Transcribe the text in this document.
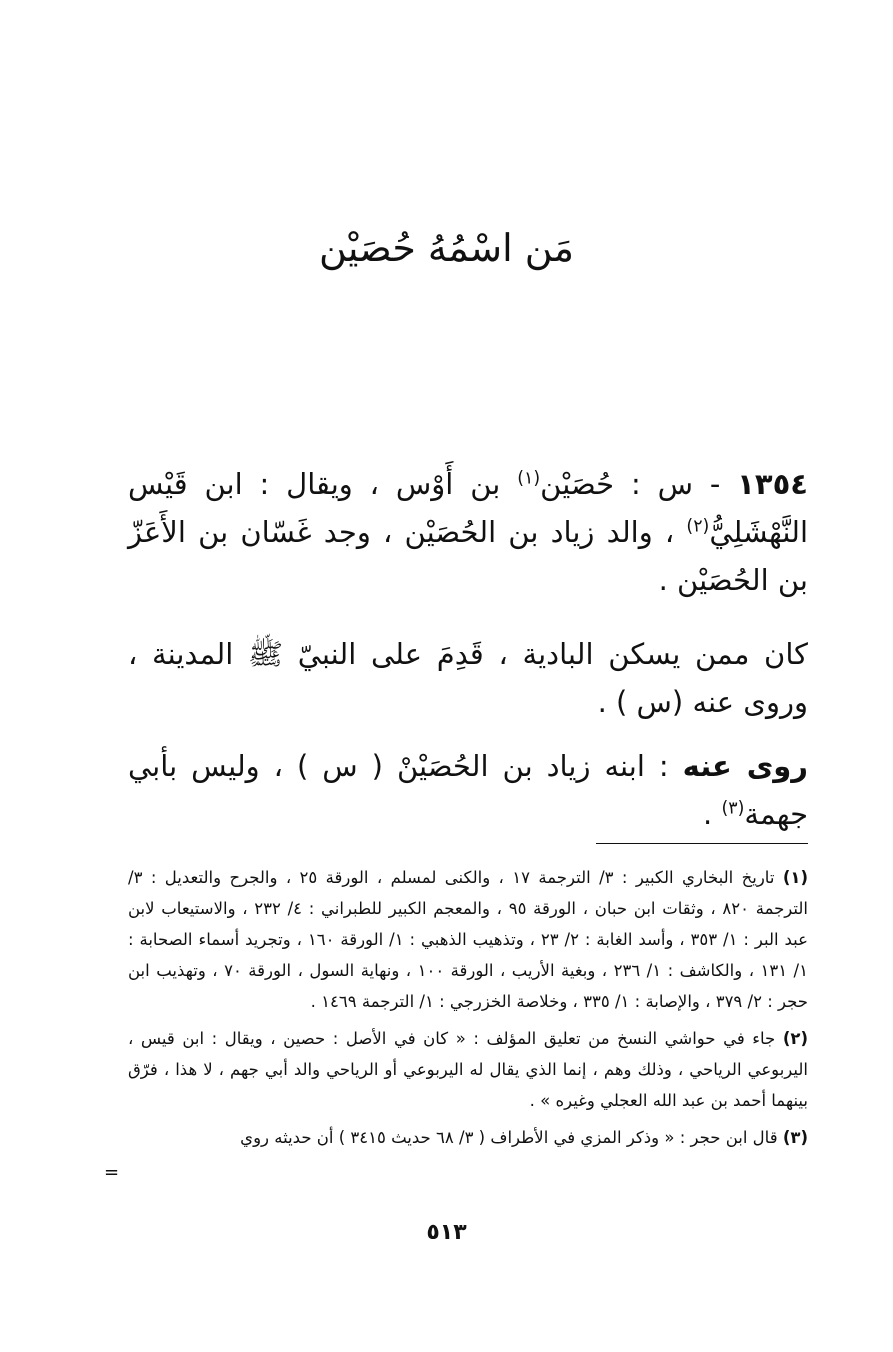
مَن اسْمُهُ حُصَيْن

١٣٥٤ - س : حُصَيْن$^{(١)}$ بن أَوْس ، ويقال : ابن قَيْس النَّهْشَلِيُّ$^{(٢)}$ ، والد زياد بن الحُصَيْن ، وجد غَسّان بن الأَعَزّ بن الحُصَيْن .

كان ممن يسكن البادية ، قَدِمَ على النبيّ ﷺ المدينة ، وروى عنه (س ) .

روى عنه : ابنه زياد بن الحُصَيْنْ ( س ) ، وليس بأبي جهمة$^{(٣)}$ .

(١) تاريخ البخاري الكبير : ٣/ الترجمة ١٧ ، والكنى لمسلم ، الورقة ٢٥ ، والجرح والتعديل : ٣/ الترجمة ٨٢٠ ، وثقات ابن حبان ، الورقة ٩٥ ، والمعجم الكبير للطبراني : ٤/ ٢٣٢ ، والاستيعاب لابن عبد البر : ١/ ٣٥٣ ، وأسد الغابة : ٢/ ٢٣ ، وتذهيب الذهبي : ١/ الورقة ١٦٠ ، وتجريد أسماء الصحابة : ١/ ١٣١ ، والكاشف : ١/ ٢٣٦ ، وبغية الأريب ، الورقة ١٠٠ ، ونهاية السول ، الورقة ٧٠ ، وتهذيب ابن حجر : ٢/ ٣٧٩ ، والإصابة : ١/ ٣٣٥ ، وخلاصة الخزرجي : ١/ الترجمة ١٤٦٩ .

(٢) جاء في حواشي النسخ من تعليق المؤلف : « كان في الأصل : حصين ، ويقال : ابن قيس ، اليربوعي الرياحي ، وذلك وهم ، إنما الذي يقال له اليربوعي أو الرياحي والد أبي جهم ، لا هذا ، فرّق بينهما أحمد بن عبد الله العجلي وغيره » .

(٣) قال ابن حجر : « وذكر المزي في الأطراف ( ٣/ ٦٨ حديث ٣٤١٥ ) أن حديثه روي

=
٥١٣
